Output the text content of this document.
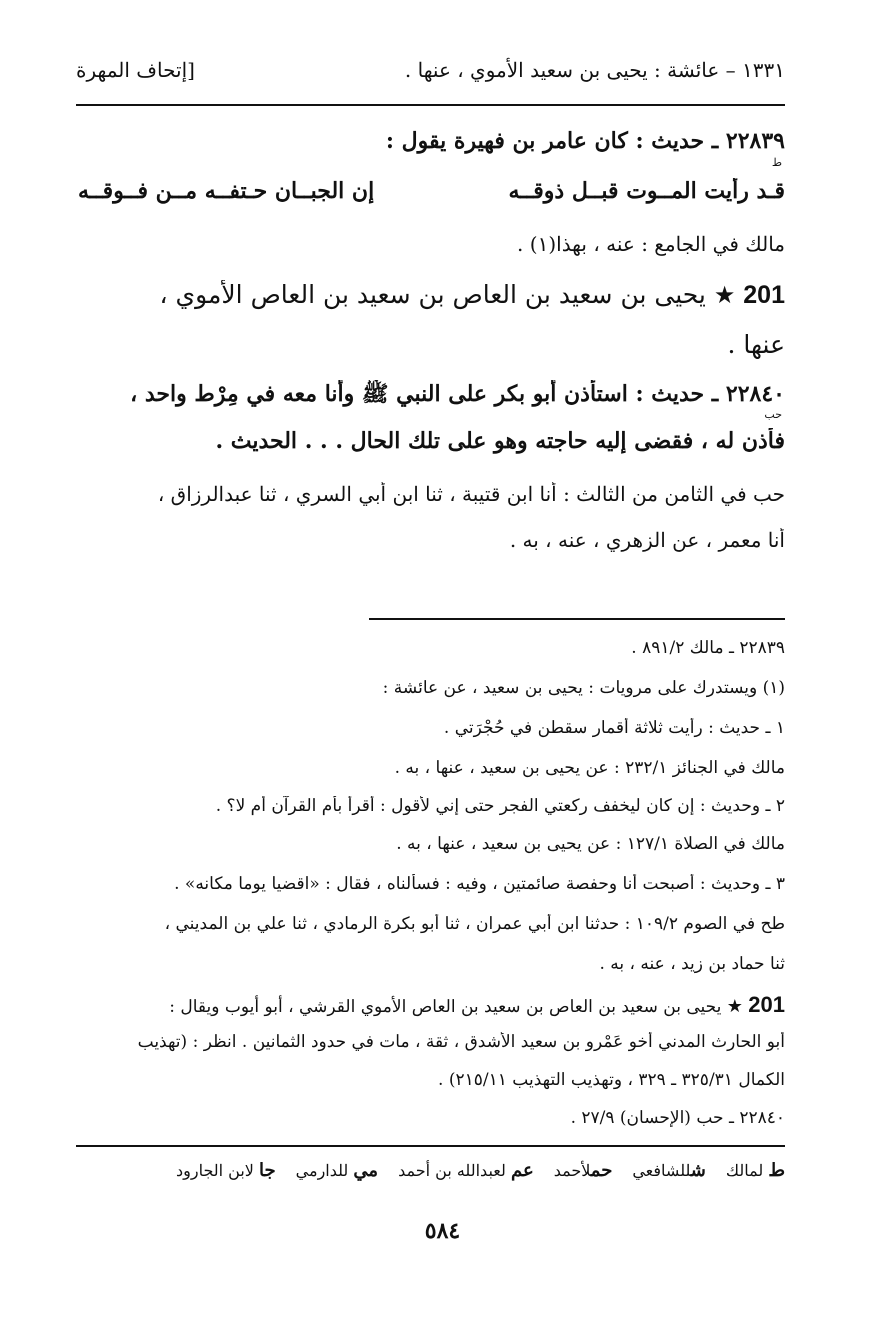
١٣٣١ – عائشة : يحيى بن سعيد الأموي ، عنها .
[إتحاف المهرة
٢٢٨٣٩ ـ حديث : كان عامر بن فهيرة يقول :
ط
قـد رأيت المــوت قبــل ذوقــه
إن الجبــان حـتفــه مــن فــوقــه
مالك في الجامع : عنه ، بهذا(١) .
201 ★ يحيى بن سعيد بن العاص بن سعيد بن العاص الأموي ،
عنها .
٢٢٨٤٠ ـ حديث : استأذن أبو بكر على النبي ﷺ وأنا معه في مِرْط واحد ،
حب
فأذن له ، فقضى إليه حاجته وهو على تلك الحال . . . الحديث .
حب في الثامن من الثالث : أنا ابن قتيبة ، ثنا ابن أبي السري ، ثنا عبدالرزاق ،
أنا معمر ، عن الزهري ، عنه ، به .
٢٢٨٣٩ ـ مالك ٨٩١/٢ .
(١) ويستدرك على مرويات : يحيى بن سعيد ، عن عائشة :
١ ـ حديث : رأيت ثلاثة أقمار سقطن في حُجْرَتي .
مالك في الجنائز ٢٣٢/١ : عن يحيى بن سعيد ، عنها ، به .
٢ ـ وحديث : إن كان ليخفف ركعتي الفجر حتى إني لأقول : أقرأ بأم القرآن أم لا؟ .
مالك في الصلاة ١٢٧/١ : عن يحيى بن سعيد ، عنها ، به .
٣ ـ وحديث : أصبحت أنا وحفصة صائمتين ، وفيه : فسألناه ، فقال : «اقضيا يوما مكانه» .
طح في الصوم ١٠٩/٢ : حدثنا ابن أبي عمران ، ثنا أبو بكرة الرمادي ، ثنا علي بن المديني ،
ثنا حماد بن زيد ، عنه ، به .
201 ★ يحيى بن سعيد بن العاص بن سعيد بن العاص الأموي القرشي ، أبو أيوب ويقال :
أبو الحارث المدني أخو عَمْرو بن سعيد الأشدق ، ثقة ، مات في حدود الثمانين . انظر : (تهذيب
الكمال ٣٢٥/٣١ ـ ٣٢٩ ، وتهذيب التهذيب ٢١٥/١١) .
٢٢٨٤٠ ـ حب (الإحسان) ٢٧/٩ .
ط لمالك
شللشافعي
حملأحمد
عم لعبدالله بن أحمد
مي للدارمي
جا لابن الجارود
٥٨٤
